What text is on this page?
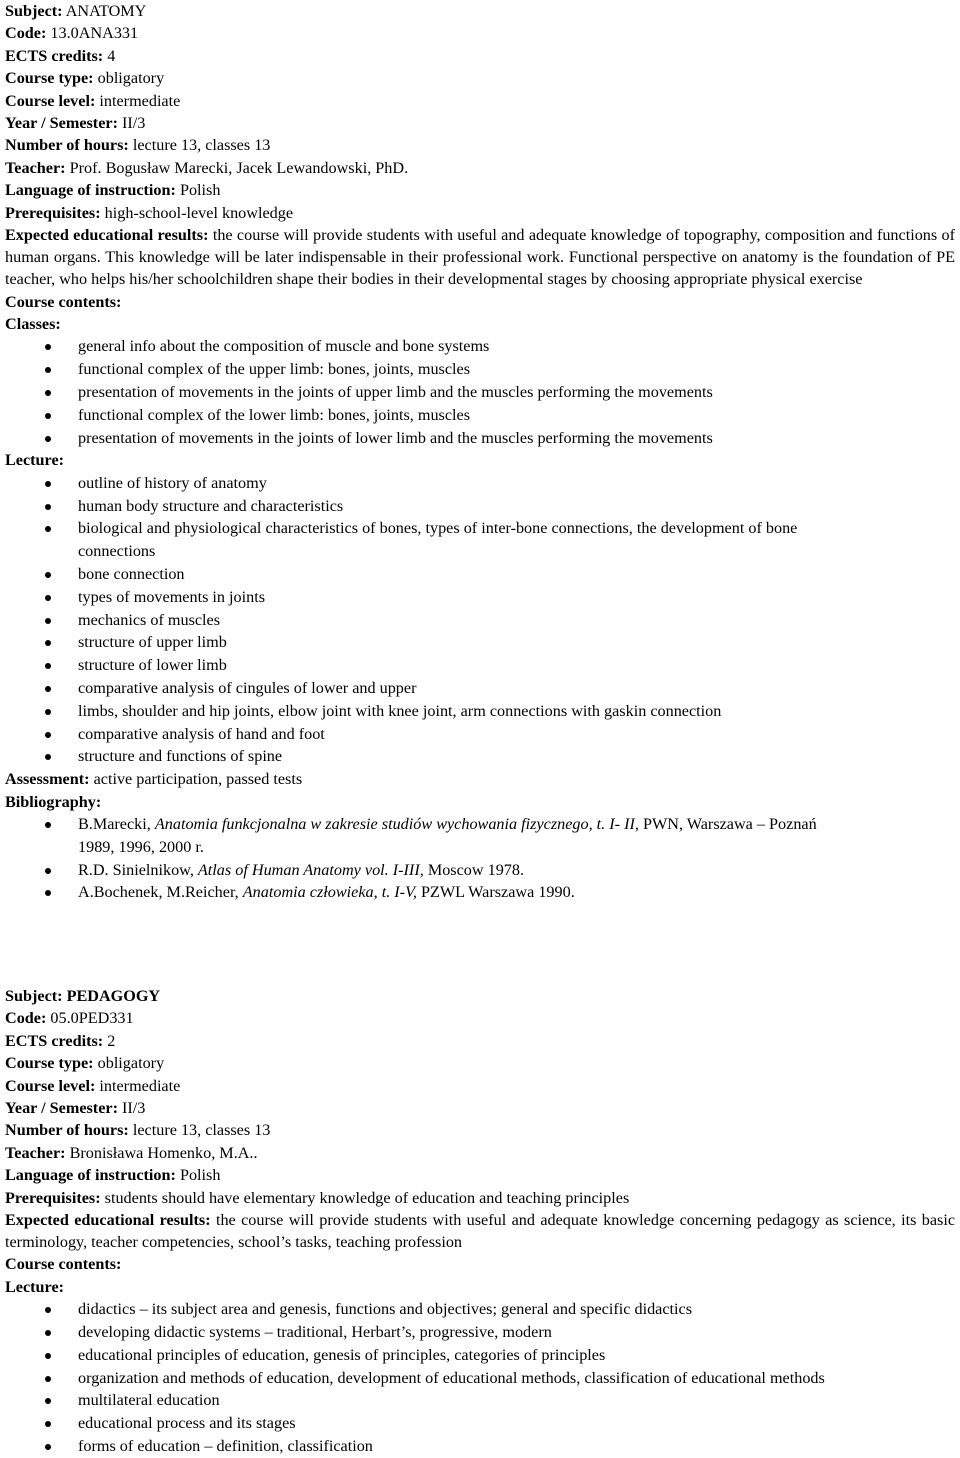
Subject: ANATOMY
Code: 13.0ANA331
ECTS credits: 4
Course type: obligatory
Course level: intermediate
Year / Semester: II/3
Number of hours: lecture 13, classes 13
Teacher: Prof. Bogusław Marecki, Jacek Lewandowski, PhD.
Language of instruction: Polish
Prerequisites: high-school-level knowledge
Expected educational results: the course will provide students with useful and adequate knowledge of topography, composition and functions of human organs. This knowledge will be later indispensable in their professional work. Functional perspective on anatomy is the foundation of PE teacher, who helps his/her schoolchildren shape their bodies in their developmental stages by choosing appropriate physical exercise
Course contents:
Classes:
general info about the composition of muscle and bone systems
functional complex of the upper limb: bones, joints, muscles
presentation of movements in the joints of upper limb and the muscles performing the movements
functional complex of the lower limb: bones, joints, muscles
presentation of movements in the joints of lower limb and the muscles performing the movements
Lecture:
outline of history of anatomy
human body structure and characteristics
biological and physiological characteristics of bones, types of inter-bone connections, the development of bone
connections
bone connection
types of movements in joints
mechanics of muscles
structure of upper limb
structure of lower limb
comparative analysis of cingules of lower and upper
limbs, shoulder and hip joints, elbow joint with knee joint, arm connections with gaskin connection
comparative analysis of hand and foot
structure and functions of spine
Assessment: active participation, passed tests
Bibliography:
B.Marecki, Anatomia funkcjonalna w zakresie studiów wychowania fizycznego, t. I- II, PWN, Warszawa – Poznań
1989, 1996, 2000 r.
R.D. Sinielnikow, Atlas of Human Anatomy vol. I-III, Moscow 1978.
A.Bochenek, M.Reicher, Anatomia człowieka, t. I-V, PZWL Warszawa 1990.
Subject: PEDAGOGY
Code: 05.0PED331
ECTS credits: 2
Course type: obligatory
Course level: intermediate
Year / Semester: II/3
Number of hours: lecture 13, classes 13
Teacher: Bronisława Homenko, M.A..
Language of instruction: Polish
Prerequisites: students should have elementary knowledge of education and teaching principles
Expected educational results: the course will provide students with useful and adequate knowledge concerning pedagogy as science, its basic terminology, teacher competencies, school’s tasks, teaching profession
Course contents:
Lecture:
didactics – its subject area and genesis, functions and objectives; general and specific didactics
developing didactic systems – traditional, Herbart’s, progressive, modern
educational principles of education, genesis of principles, categories of principles
organization and methods of education, development of educational methods, classification of educational methods
multilateral education
educational process and its stages
forms of education – definition, classification
